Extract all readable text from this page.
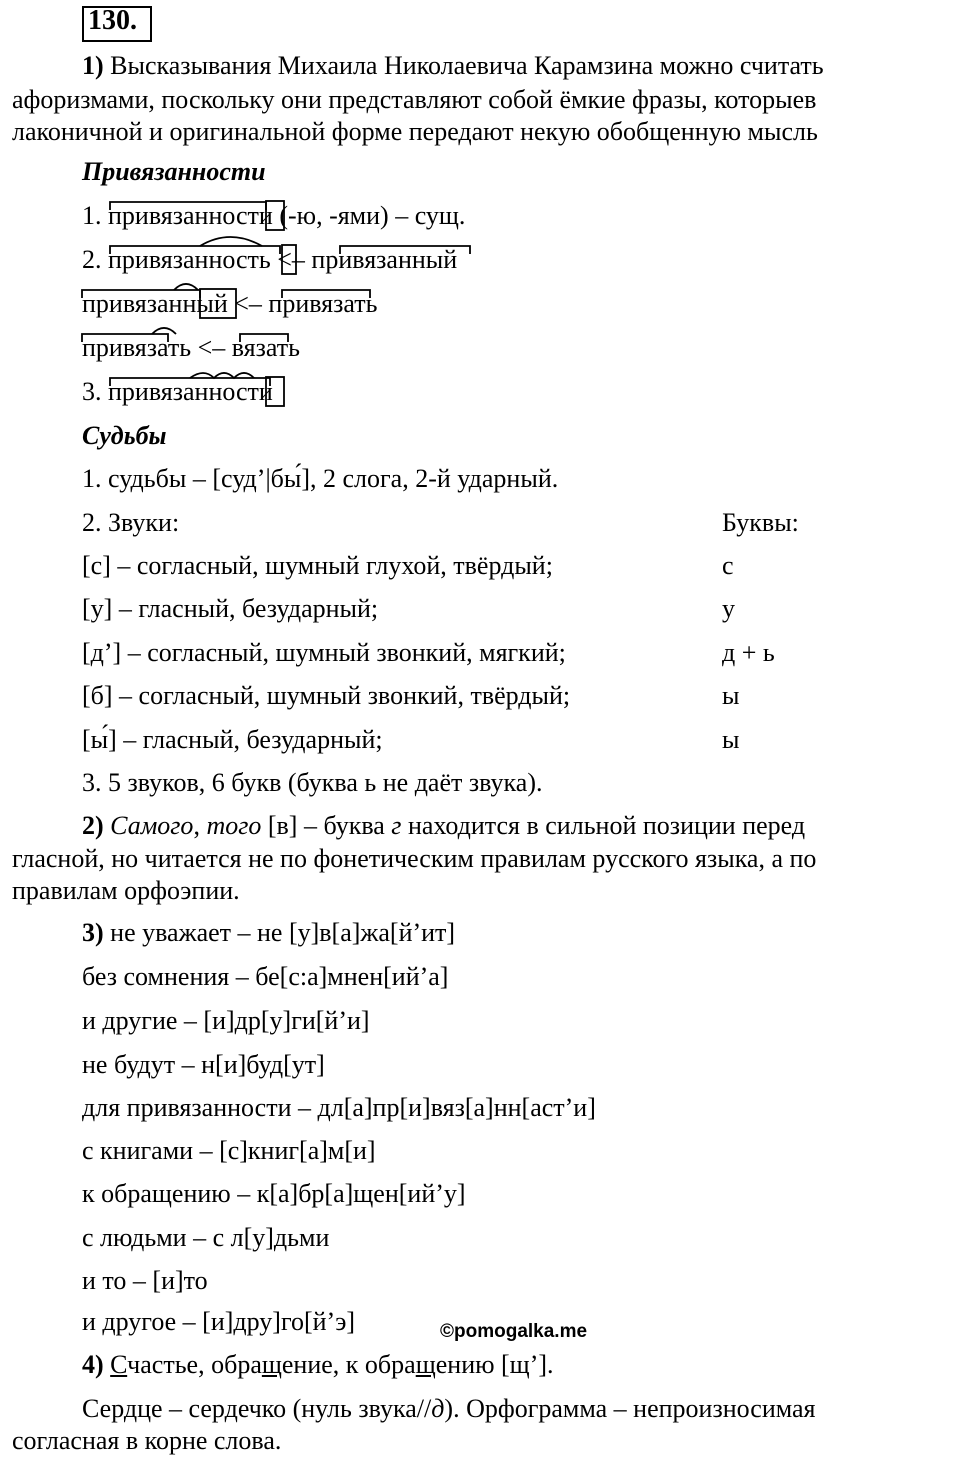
130.
1) Высказывания Михаила Николаевича Карамзина можно считать
афоризмами, поскольку они представляют собой ёмкие фразы, которыев
лаконичной и оригинальной форме передают некую обобщенную мысль
Привязанности
1. привязанности (-ю, -ями) – сущ.
2. привязанность <– привязанный
привязанный <– привязать
привязать <– вязать
3. привязанности
Судьбы
1. судьбы – [суд’|бы́], 2 слога, 2-й ударный.
2. Звуки:	Буквы:
[с] – согласный, шумный глухой, твёрдый;	с
[у] – гласный, безударный;	у
[д’] – согласный, шумный звонкий, мягкий;	д + ь
[б] – согласный, шумный звонкий, твёрдый;	ы
[ы́] – гласный, безударный;	ы
3. 5 звуков, 6 букв (буква ь не даёт звука).
2) Самого, того [в] – буква г находится в сильной позиции перед
гласной, но читается не по фонетическим правилам русского языка, а по
правилам орфоэпии.
3) не уважает – не [у]в[а]жа[й’ит]
без сомнения – бе[с:а]мнен[ий’а]
и другие – [и]др[у]ги[й’и]
не будут – н[и]буд[ут]
для привязанности – дл[а]пр[и]вяз[а]нн[аст’и]
с книгами – [с]книг[а]м[и]
к обращению – к[а]бр[а]щен[ий’у]
с людьми – с л[у]дьми
и то – [и]то
и другое – [и]дру]го[й’э]	©pomogalka.me
4) Счастье, обращение, к обращению [щ’].
Сердце – сердечко (нуль звука//д). Орфограмма – непроизносимая
согласная в корне слова.
